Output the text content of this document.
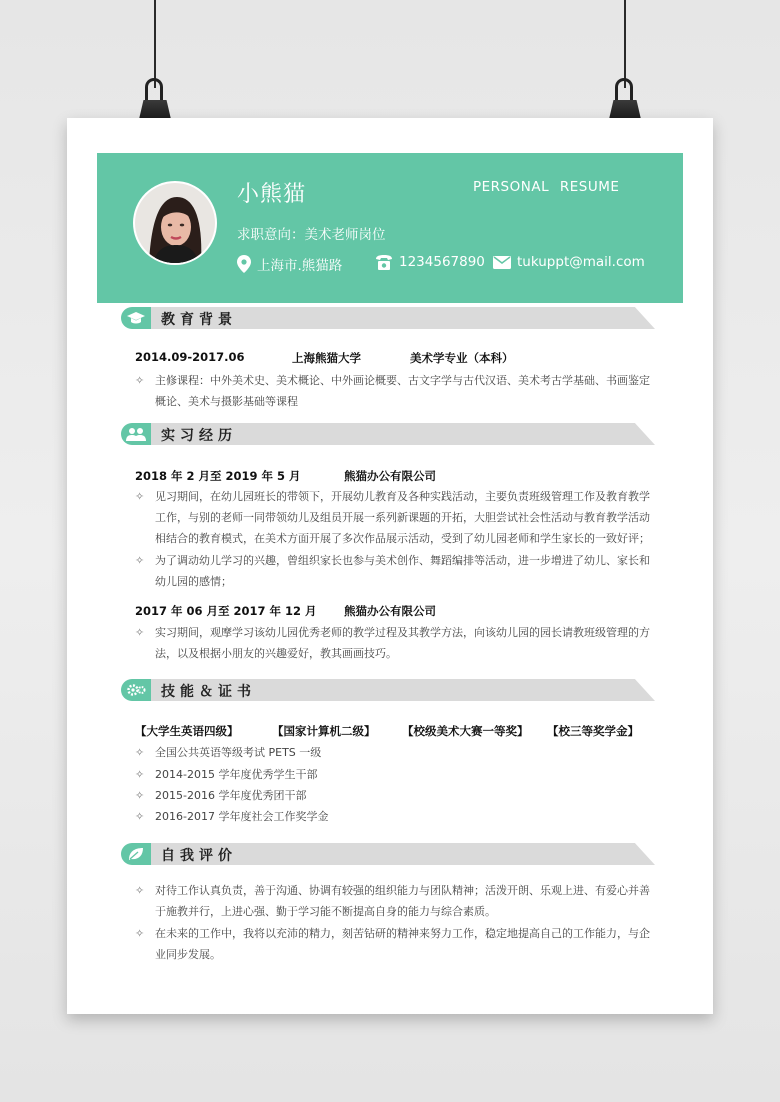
小熊猫	PERSONAL RESUME
求职意向：美术老师岗位
上海市.熊猫路	1234567890 tukuppt@mail.com
教育背景
2014.09-2017.06	上海熊猫大学	美术学专业（本科）
✧ 主修课程：中外美术史、美术概论、中外画论概要、古文字学与古代汉语、美术考古学基础、书画鉴定概论、美术与摄影基础等课程
实习经历
2018 年 2 月至 2019 年 5 月	熊猫办公有限公司
✧ 见习期间，在幼儿园班长的带领下，开展幼儿教育及各种实践活动，主要负责班级管理工作及教育教学工作，与别的老师一同带领幼儿及组员开展一系列新课题的开拓，大胆尝试社会性活动与教育教学活动相结合的教育模式，在美术方面开展了多次作品展示活动，受到了幼儿园老师和学生家长的一致好评；
✧ 为了调动幼儿学习的兴趣，曾组织家长也参与美术创作、舞蹈编排等活动，进一步增进了幼儿、家长和幼儿园的感情；
2017 年 06 月至 2017 年 12 月 熊猫办公有限公司
✧ 实习期间，观摩学习该幼儿园优秀老师的教学过程及其教学方法，向该幼儿园的园长请教班级管理的方法，以及根据小朋友的兴趣爱好，教其画画技巧。
技能＆证书
【大学生英语四级】	【国家计算机二级】 【校级美术大赛一等奖】 【校三等奖学金】
✧ 全国公共英语等级考试 PETS 一级
✧ 2014-2015 学年度优秀学生干部
✧ 2015-2016 学年度优秀团干部
✧ 2016-2017 学年度社会工作奖学金
自我评价
✧ 对待工作认真负责，善于沟通、协调有较强的组织能力与团队精神；活泼开朗、乐观上进、有爱心并善于施教并行，上进心强、勤于学习能不断提高自身的能力与综合素质。
✧ 在未来的工作中，我将以充沛的精力，刻苦钻研的精神来努力工作，稳定地提高自己的工作能力，与企业同步发展。
